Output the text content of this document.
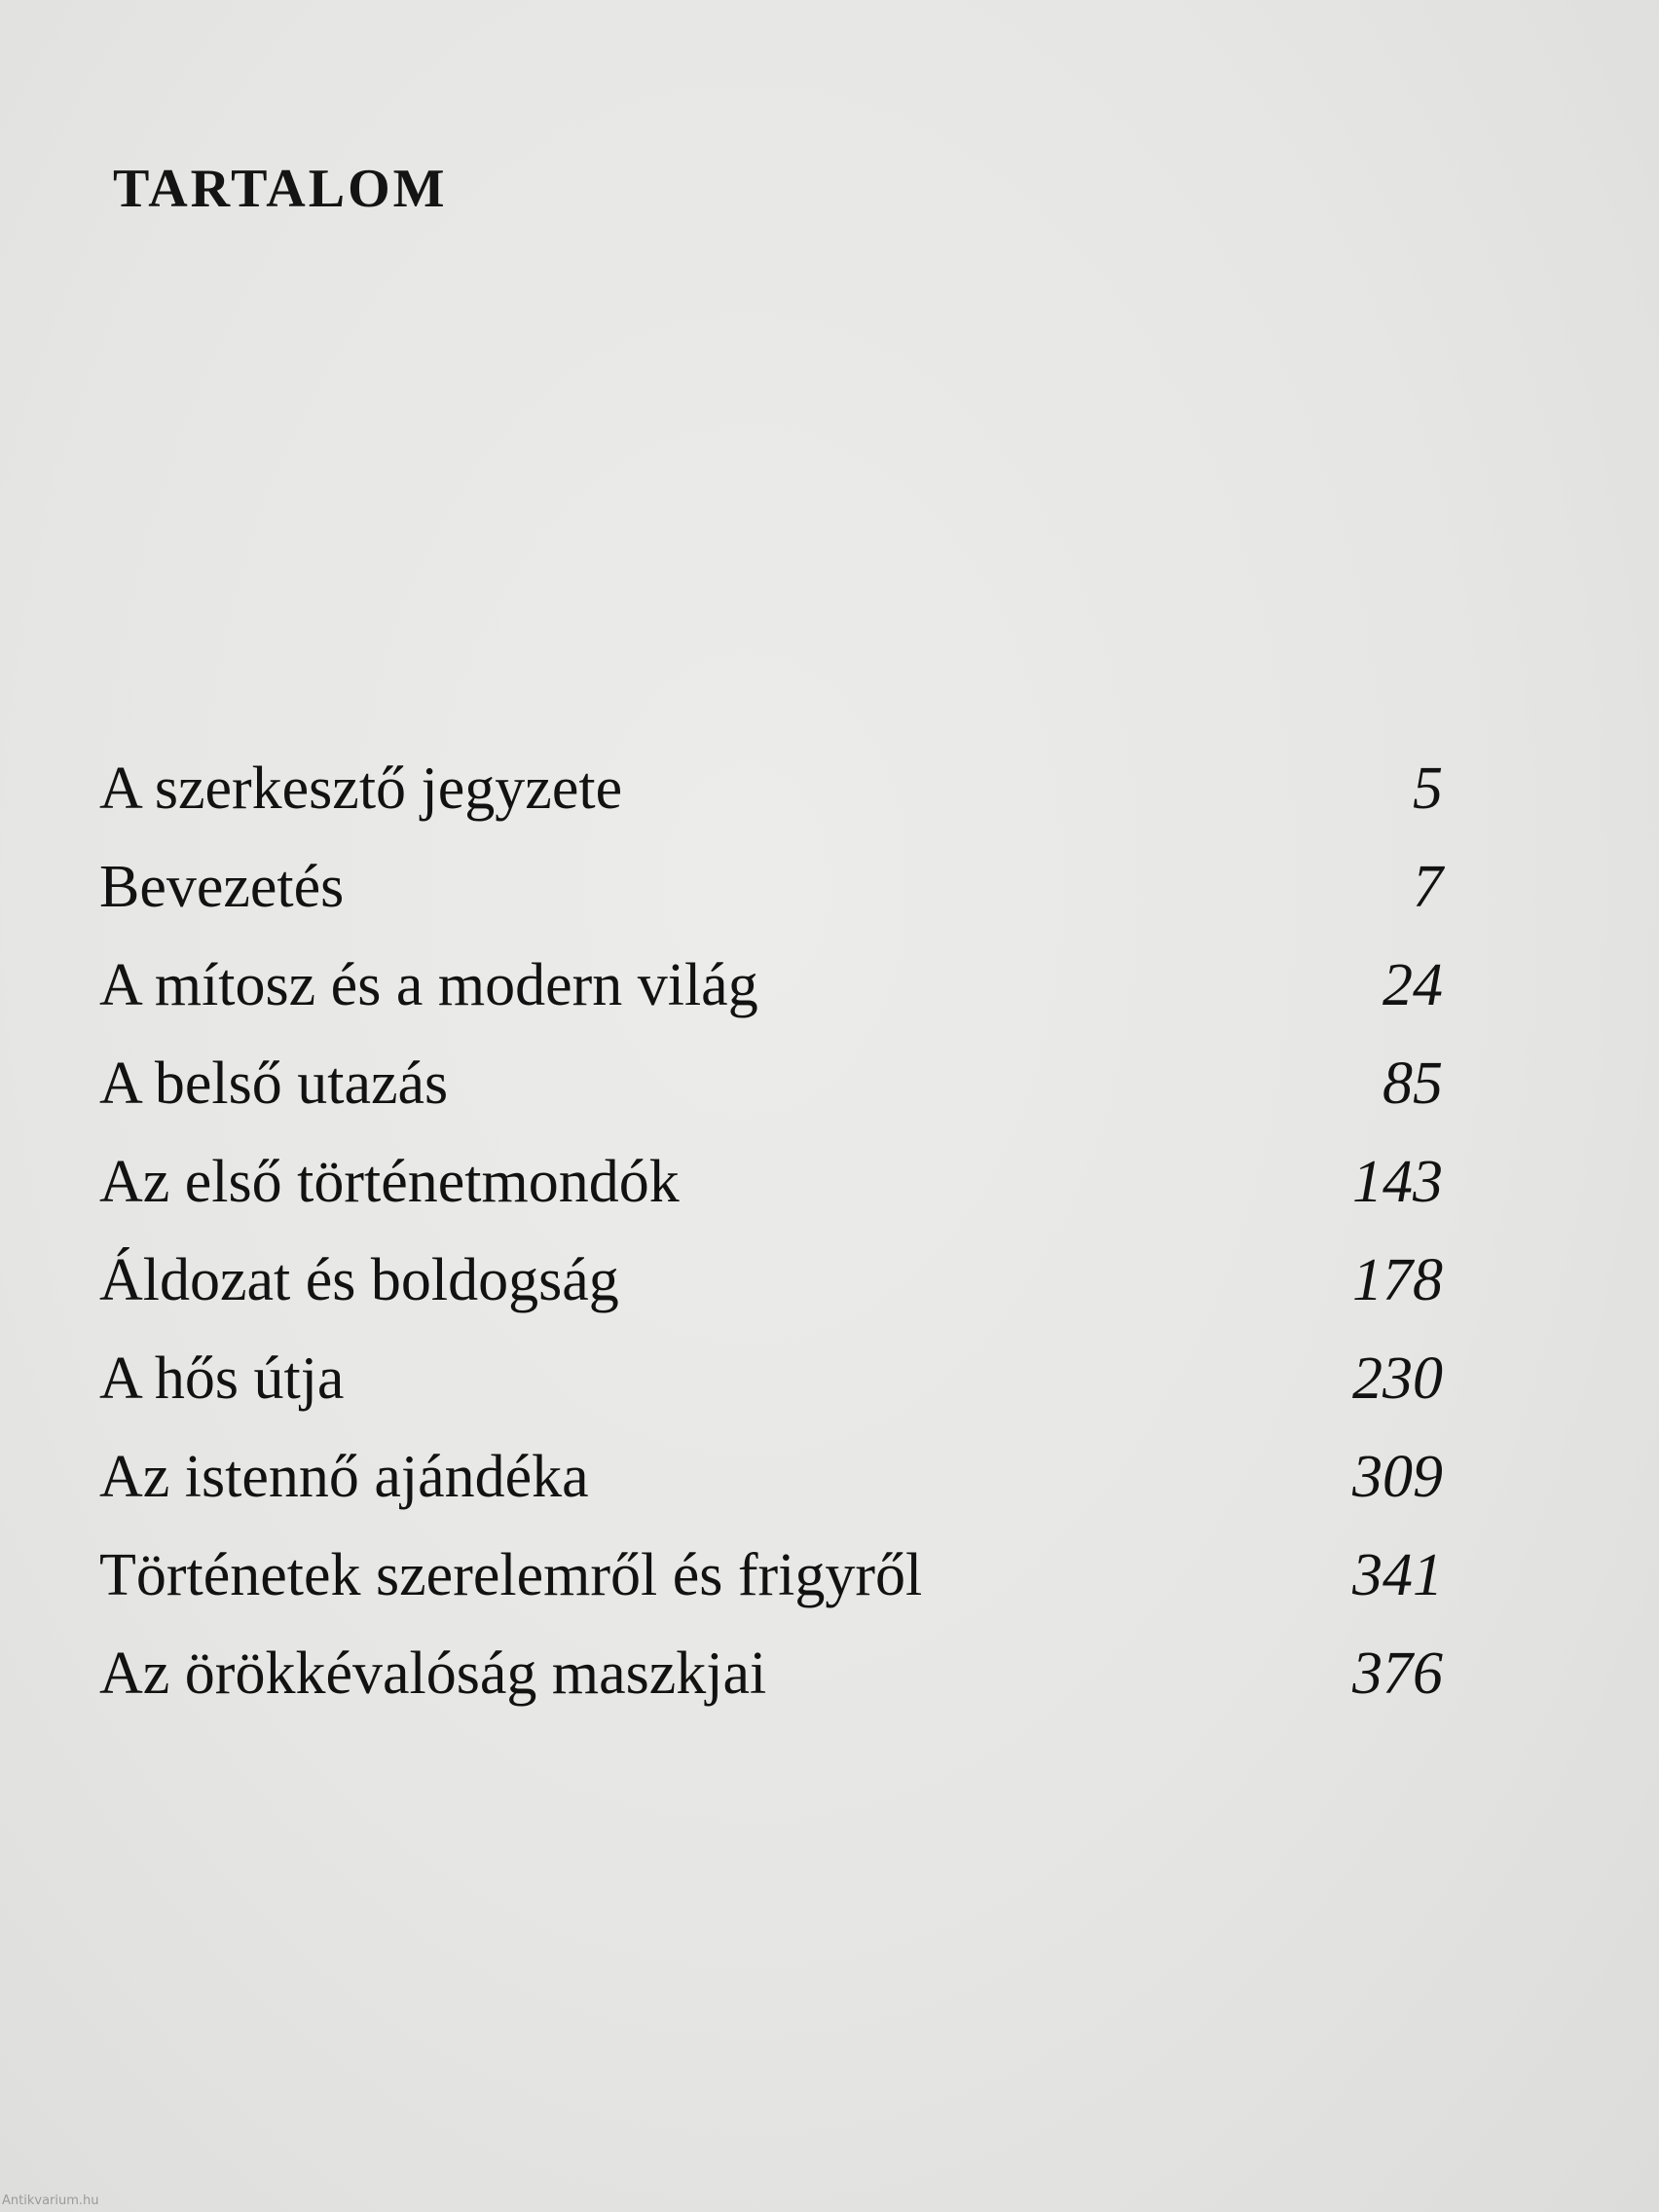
TARTALOM
A szerkesztő jegyzete	5
Bevezetés	7
A mítosz és a modern világ	24
A belső utazás	85
Az első történetmondók	143
Áldozat és boldogság	178
A hős útja	230
Az istennő ajándéka	309
Történetek szerelemről és frigyről	341
Az örökkévalóság maszkjai	376
Antikvarium.hu
